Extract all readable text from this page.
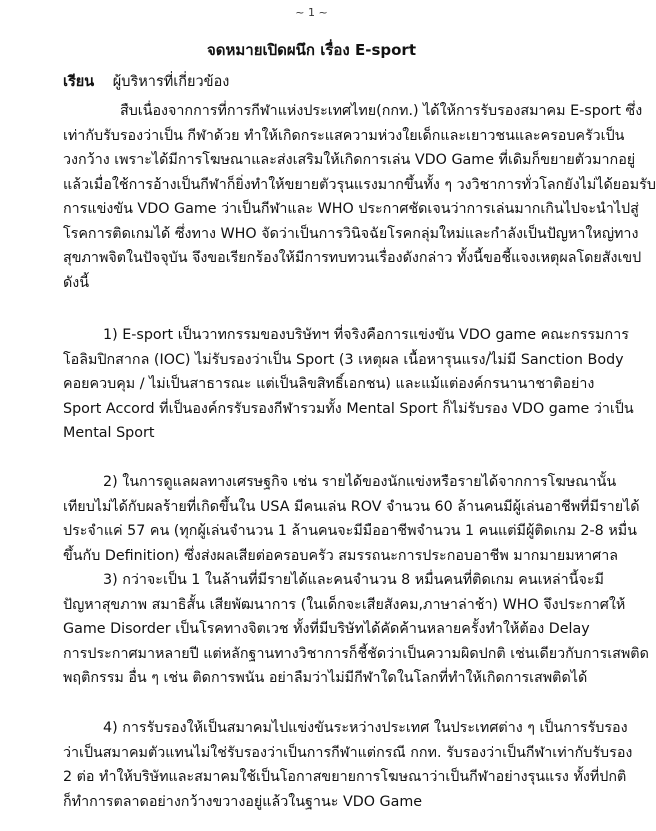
~ 1 ~
จดหมายเปิดผนึก เรื่อง E-sport
เรียน ผู้บริหารที่เกี่ยวข้อง
สืบเนื่องจากการที่การกีฬาแห่งประเทศไทย(กกท.) ได้ให้การรับรองสมาคม E-sport ซึ่ง
เท่ากับรับรองว่าเป็น กีฬาด้วย ทำให้เกิดกระแสความห่วงใยเด็กและเยาวชนและครอบครัวเป็น
วงกว้าง เพราะได้มีการโฆษณาและส่งเสริมให้เกิดการเล่น VDO Game ที่เดิมก็ขยายตัวมากอยู่
แล้วเมื่อใช้การอ้างเป็นกีฬาก็ยิ่งทำให้ขยายตัวรุนแรงมากขึ้นทั้ง ๆ วงวิชาการทั่วโลกยังไม่ได้ยอมรับ
การแข่งขัน VDO Game ว่าเป็นกีฬาและ WHO ประกาศชัดเจนว่าการเล่นมากเกินไปจะนำไปสู่
โรคการติดเกมได้ ซึ่งทาง WHO จัดว่าเป็นการวินิจฉัยโรคกลุ่มใหม่และกำลังเป็นปัญหาใหญ่ทาง
สุขภาพจิตในปัจจุบัน จึงขอเรียกร้องให้มีการทบทวนเรื่องดังกล่าว ทั้งนี้ขอชี้แจงเหตุผลโดยสังเขป
ดังนี้
1) E-sport เป็นวาทกรรมของบริษัทฯ ที่จริงคือการแข่งขัน VDO game คณะกรรมการ
โอลิมปิกสากล (IOC) ไม่รับรองว่าเป็น Sport (3 เหตุผล เนื้อหารุนแรง/ไม่มี Sanction Body
คอยควบคุม / ไม่เป็นสาธารณะ แต่เป็นลิขสิทธิ์เอกชน) และแม้แต่องค์กรนานาชาติอย่าง
Sport Accord ที่เป็นองค์กรรับรองกีฬารวมทั้ง Mental Sport ก็ไม่รับรอง VDO game ว่าเป็น
Mental Sport
2) ในการดูแลผลทางเศรษฐกิจ เช่น รายได้ของนักแข่งหรือรายได้จากการโฆษณานั้น
เทียบไม่ได้กับผลร้ายที่เกิดขึ้นใน USA มีคนเล่น ROV จำนวน 60 ล้านคนมีผู้เล่นอาชีพที่มีรายได้
ประจำแค่ 57 คน (ทุกผู้เล่นจำนวน 1 ล้านคนจะมีมืออาชีพจำนวน 1 คนแต่มีผู้ติดเกม 2-8 หมื่น
ขึ้นกับ Definition) ซึ่งส่งผลเสียต่อครอบครัว สมรรถนะการประกอบอาชีพ มากมายมหาศาล
3) กว่าจะเป็น 1 ในล้านที่มีรายได้และคนจำนวน 8 หมื่นคนที่ติดเกม คนเหล่านี้จะมี
ปัญหาสุขภาพ สมาธิสั้น เสียพัฒนาการ (ในเด็กจะเสียสังคม,ภาษาล่าช้า) WHO จึงประกาศให้
Game Disorder เป็นโรคทางจิตเวช ทั้งที่มีบริษัทได้คัดค้านหลายครั้งทำให้ต้อง Delay
การประกาศมาหลายปี แต่หลักฐานทางวิชาการก็ชี้ชัดว่าเป็นความผิดปกติ เช่นเดียวกับการเสพติด
พฤติกรรม อื่น ๆ เช่น ติดการพนัน อย่าลืมว่าไม่มีกีฬาใดในโลกที่ทำให้เกิดการเสพติดได้
4) การรับรองให้เป็นสมาคมไปแข่งขันระหว่างประเทศ ในประเทศต่าง ๆ เป็นการรับรอง
ว่าเป็นสมาคมตัวแทนไม่ใช่รับรองว่าเป็นการกีฬาแต่กรณี กกท. รับรองว่าเป็นกีฬาเท่ากับรับรอง
2 ต่อ ทำให้บริษัทและสมาคมใช้เป็นโอกาสขยายการโฆษณาว่าเป็นกีฬาอย่างรุนแรง ทั้งที่ปกติ
ก็ทำการตลาดอย่างกว้างขวางอยู่แล้วในฐานะ VDO Game
